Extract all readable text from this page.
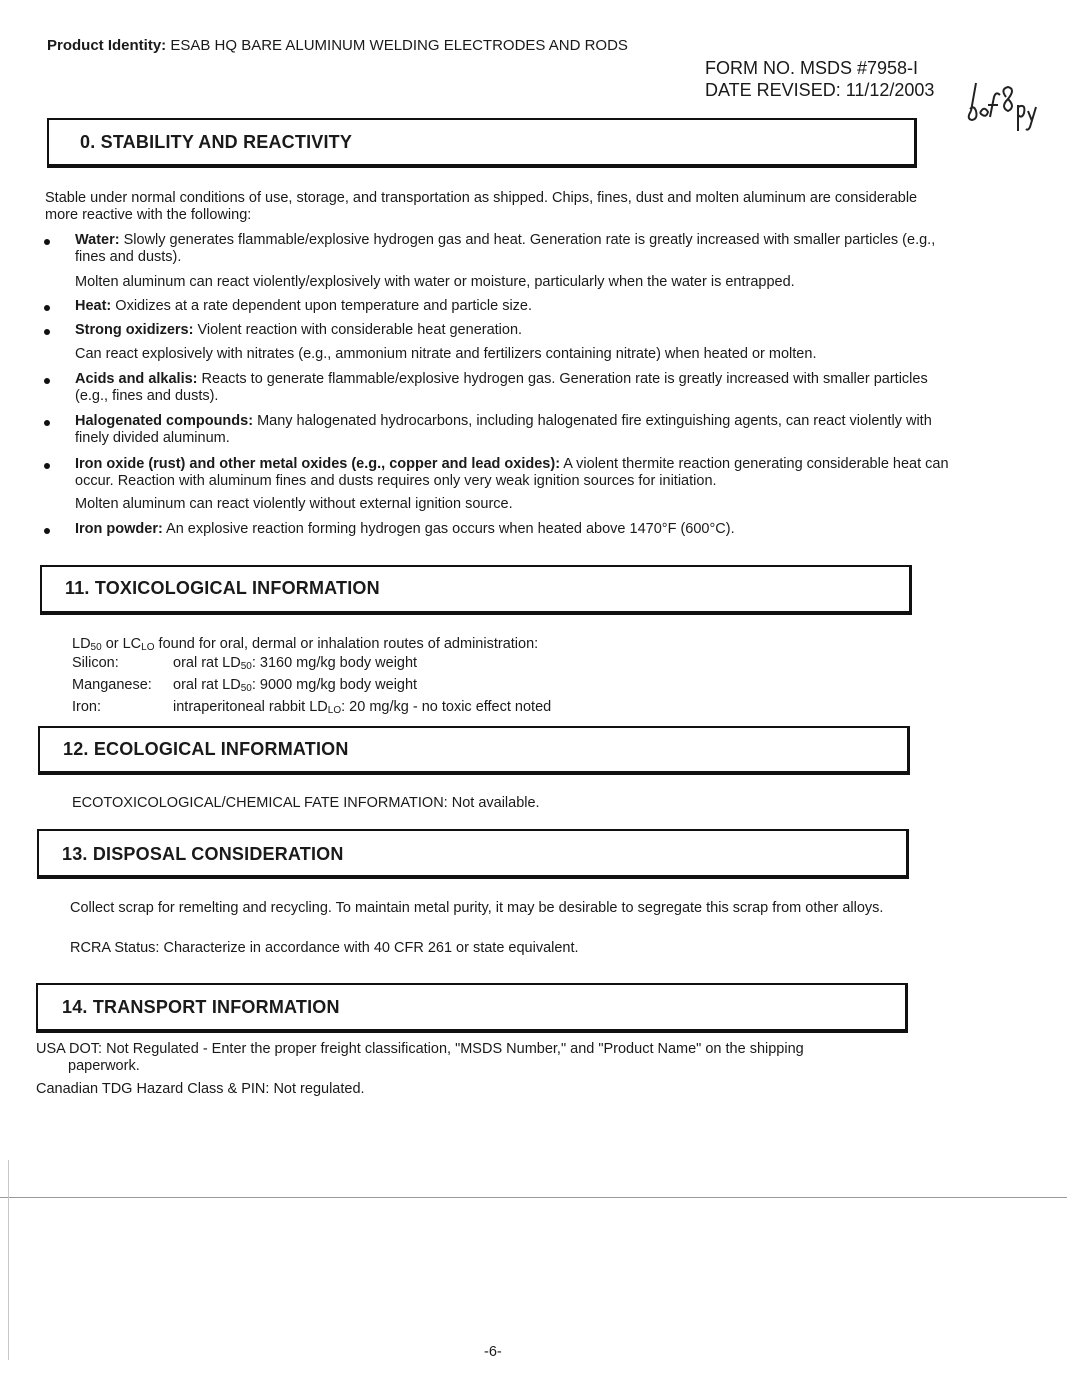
Product Identity: ESAB HQ BARE ALUMINUM WELDING ELECTRODES AND RODS
FORM NO. MSDS #7958-I
DATE REVISED: 11/12/2003
0. STABILITY AND REACTIVITY
Stable under normal conditions of use, storage, and transportation as shipped. Chips, fines, dust and molten aluminum are considerable more reactive with the following:
Water: Slowly generates flammable/explosive hydrogen gas and heat. Generation rate is greatly increased with smaller particles (e.g., fines and dusts).
Molten aluminum can react violently/explosively with water or moisture, particularly when the water is entrapped.
Heat: Oxidizes at a rate dependent upon temperature and particle size.
Strong oxidizers: Violent reaction with considerable heat generation.
Can react explosively with nitrates (e.g., ammonium nitrate and fertilizers containing nitrate) when heated or molten.
Acids and alkalis: Reacts to generate flammable/explosive hydrogen gas. Generation rate is greatly increased with smaller particles (e.g., fines and dusts).
Halogenated compounds: Many halogenated hydrocarbons, including halogenated fire extinguishing agents, can react violently with finely divided aluminum.
Iron oxide (rust) and other metal oxides (e.g., copper and lead oxides): A violent thermite reaction generating considerable heat can occur. Reaction with aluminum fines and dusts requires only very weak ignition sources for initiation.
Molten aluminum can react violently without external ignition source.
Iron powder: An explosive reaction forming hydrogen gas occurs when heated above 1470°F (600°C).
11. TOXICOLOGICAL INFORMATION
$LD_{50}$ or $LC_{LO}$ found for oral, dermal or inhalation routes of administration:
Silicon:	oral rat $LD_{50}$: 3160 mg/kg body weight
Manganese:	oral rat $LD_{50}$: 9000 mg/kg body weight
Iron:	intraperitoneal rabbit $LD_{LO}$: 20 mg/kg - no toxic effect noted
12. ECOLOGICAL INFORMATION
ECOTOXICOLOGICAL/CHEMICAL FATE INFORMATION: Not available.
13. DISPOSAL CONSIDERATION
Collect scrap for remelting and recycling. To maintain metal purity, it may be desirable to segregate this scrap from other alloys.
RCRA Status: Characterize in accordance with 40 CFR 261 or state equivalent.
14. TRANSPORT INFORMATION
USA DOT: Not Regulated - Enter the proper freight classification, "MSDS Number," and "Product Name" on the shipping
paperwork.
Canadian TDG Hazard Class & PIN: Not regulated.
-6-
